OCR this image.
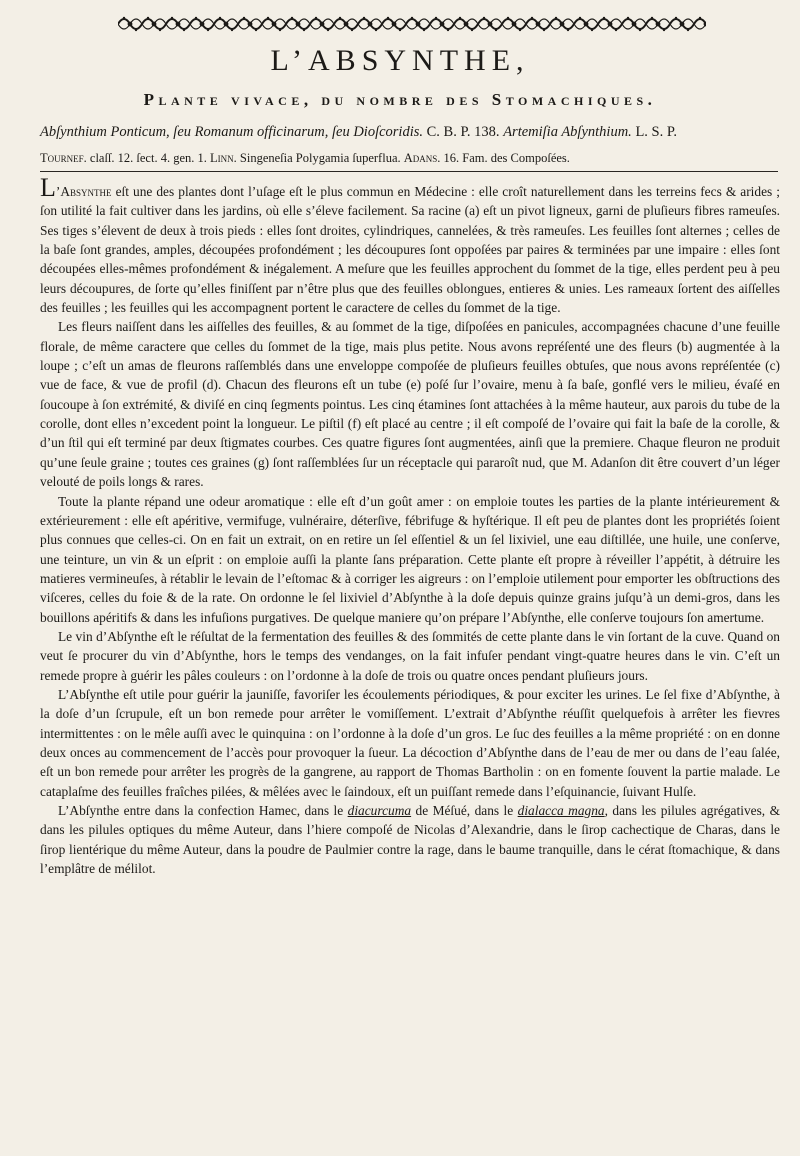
L’ABSYNTHE,
Plante vivace, du nombre des Stomachiques.
Abſynthium Ponticum, ſeu Romanum officinarum, ſeu Dioſcoridis. C. B. P. 138. Artemiſia Abſynthium. L. S. P.
Tournef. claſſ. 12. ſect. 4. gen. 1. Linn. Singeneſia Polygamia ſuperflua. Adans. 16. Fam. des Compoſées.

L’Absynthe eſt une des plantes dont l’uſage eſt le plus commun en Médecine : elle croît naturellement dans les terreins fecs & arides ; ſon utilité la fait cultiver dans les jardins, où elle s’éleve facilement. Sa racine (a) eſt un pivot ligneux, garni de pluſieurs fibres rameuſes. Ses tiges s’élevent de deux à trois pieds : elles ſont droites, cylindriques, cannelées, & très rameuſes. Les feuilles ſont alternes ; celles de la baſe ſont grandes, amples, découpées profondément ; les découpures ſont oppoſées par paires & terminées par une impaire : elles ſont découpées elles-mêmes profondément & inégalement. A meſure que les feuilles approchent du ſommet de la tige, elles perdent peu à peu leurs découpures, de ſorte qu’elles finiſſent par n’être plus que des feuilles oblongues, entieres & unies. Les rameaux ſortent des aiſſelles des feuilles ; les feuilles qui les accompagnent portent le caractere de celles du ſommet de la tige.

Les fleurs naiſſent dans les aiſſelles des feuilles, & au ſommet de la tige, diſpoſées en panicules, accompagnées chacune d’une feuille florale, de même caractere que celles du ſommet de la tige, mais plus petite. Nous avons repréſenté une des fleurs (b) augmentée à la loupe ; c’eſt un amas de fleurons raſſemblés dans une enveloppe compoſée de pluſieurs feuilles obtuſes, que nous avons repréſentée (c) vue de face, & vue de profil (d). Chacun des fleurons eſt un tube (e) poſé ſur l’ovaire, menu à ſa baſe, gonflé vers le milieu, évaſé en ſoucoupe à ſon extrémité, & diviſé en cinq ſegments pointus. Les cinq étamines ſont attachées à la même hauteur, aux parois du tube de la corolle, dont elles n’excedent point la longueur. Le piſtil (f) eſt placé au centre ; il eſt compoſé de l’ovaire qui fait la baſe de la corolle, & d’un ſtil qui eſt terminé par deux ſtigmates courbes. Ces quatre figures ſont augmentées, ainſi que la premiere. Chaque fleuron ne produit qu’une ſeule graine ; toutes ces graines (g) ſont raſſemblées ſur un réceptacle qui pararoît nud, que M. Adanſon dit être couvert d’un léger velouté de poils longs & rares.

Toute la plante répand une odeur aromatique : elle eſt d’un goût amer : on emploie toutes les parties de la plante intérieurement & extérieurement : elle eſt apéritive, vermifuge, vulnéraire, déterſive, fébrifuge & hyſtérique. Il eſt peu de plantes dont les propriétés ſoient plus connues que celles-ci. On en fait un extrait, on en retire un ſel eſſentiel & un ſel lixiviel, une eau diſtillée, une huile, une conſerve, une teinture, un vin & un eſprit : on emploie auſſi la plante ſans préparation. Cette plante eſt propre à réveiller l’appétit, à détruire les matieres vermineuſes, à rétablir le levain de l’eſtomac & à corriger les aigreurs : on l’emploie utilement pour emporter les obſtructions des viſceres, celles du foie & de la rate. On ordonne le ſel lixiviel d’Abſynthe à la doſe depuis quinze grains juſqu’à un demi-gros, dans les bouillons apéritifs & dans les infuſions purgatives. De quelque maniere qu’on prépare l’Abſynthe, elle conſerve toujours ſon amertume.

Le vin d’Abſynthe eſt le réſultat de la fermentation des feuilles & des ſommités de cette plante dans le vin ſortant de la cuve. Quand on veut ſe procurer du vin d’Abſynthe, hors le temps des vendanges, on la fait infuſer pendant vingt-quatre heures dans le vin. C’eſt un remede propre à guérir les pâles couleurs : on l’ordonne à la doſe de trois ou quatre onces pendant pluſieurs jours.

L’Abſynthe eſt utile pour guérir la jauniſſe, favoriſer les écoulements périodiques, & pour exciter les urines. Le ſel fixe d’Abſynthe, à la doſe d’un ſcrupule, eſt un bon remede pour arrêter le vomiſſement. L’extrait d’Abſynthe réuſſit quelquefois à arrêter les fievres intermittentes : on le mêle auſſi avec le quinquina : on l’ordonne à la doſe d’un gros. Le ſuc des feuilles a la même propriété : on en donne deux onces au commencement de l’accès pour provoquer la ſueur. La décoction d’Abſynthe dans de l’eau de mer ou dans de l’eau ſalée, eſt un bon remede pour arrêter les progrès de la gangrene, au rapport de Thomas Bartholin : on en fomente ſouvent la partie malade. Le cataplaſme des feuilles fraîches pilées, & mêlées avec le ſaindoux, eſt un puiſſant remede dans l’eſquinancie, ſuivant Hulſe.

L’Abſynthe entre dans la confection Hamec, dans le diacurcuma de Méſué, dans le dialacca magna, dans les pilules agrégatives, & dans les pilules optiques du même Auteur, dans l’hiere compoſé de Nicolas d’Alexandrie, dans le ſirop cachectique de Charas, dans le ſirop lientérique du même Auteur, dans la poudre de Paulmier contre la rage, dans le baume tranquille, dans le cérat ſtomachique, & dans l’emplâtre de mélilot.
